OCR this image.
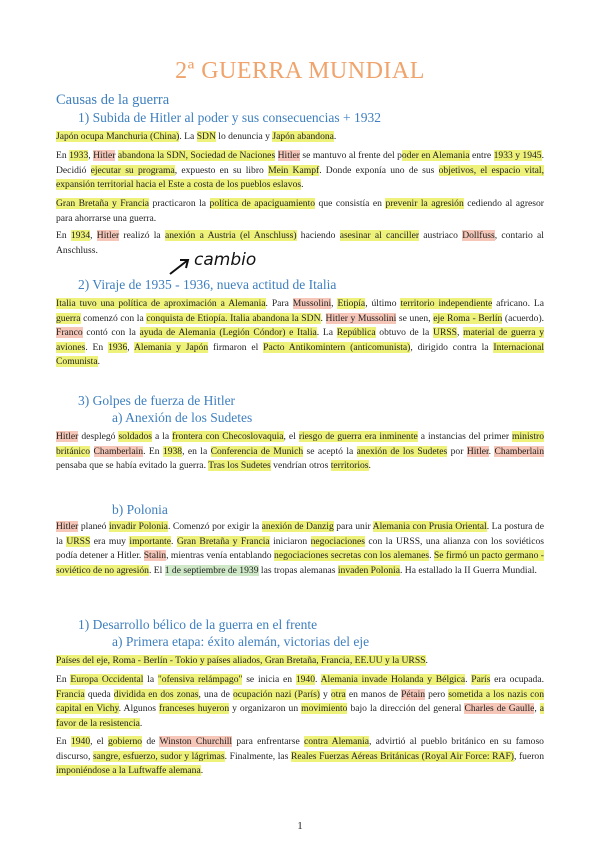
2ª GUERRA MUNDIAL
Causas de la guerra
1) Subida de Hitler al poder y sus consecuencias + 1932
Japón ocupa Manchuria (China). La SDN lo denuncia y Japón abandona.
En 1933, Hitler abandona la SDN, Sociedad de Naciones Hitler se mantuvo al frente del poder en Alemania entre 1933 y 1945. Decidió ejecutar su programa, expuesto en su libro Mein Kampf. Donde exponía uno de sus objetivos, el espacio vital, expansión territorial hacia el Este a costa de los pueblos eslavos.
Gran Bretaña y Francia practicaron la política de apaciguamiento que consistía en prevenir la agresión cediendo al agresor para ahorrarse una guerra.
En 1934, Hitler realizó la anexión a Austria (el Anschluss) haciendo asesinar al canciller austriaco Dollfuss, contario al Anschluss.	cambio
2) Viraje de 1935 - 1936, nueva actitud de Italia
Italia tuvo una política de aproximación a Alemania. Para Mussolini, Etiopía, último territorio independiente africano. La guerra comenzó con la conquista de Etiopía. Italia abandona la SDN. Hitler y Mussolini se unen, eje Roma - Berlín (acuerdo). Franco contó con la ayuda de Alemania (Legión Cóndor) e Italia. La República obtuvo de la URSS, material de guerra y aviones. En 1936, Alemania y Japón firmaron el Pacto Antikomintern (anticomunista), dirigido contra la Internacional Comunista.
3) Golpes de fuerza de Hitler
a) Anexión de los Sudetes
Hitler desplegó soldados a la frontera con Checoslovaquia, el riesgo de guerra era inminente a instancias del primer ministro británico Chamberlain. En 1938, en la Conferencia de Munich se aceptó la anexión de los Sudetes por Hitler. Chamberlain pensaba que se había evitado la guerra. Tras los Sudetes vendrían otros territorios.
b) Polonia
Hitler planeó invadir Polonia. Comenzó por exigir la anexión de Danzig para unir Alemania con Prusia Oriental. La postura de la URSS era muy importante. Gran Bretaña y Francia iniciaron negociaciones con la URSS, una alianza con los soviéticos podía detener a Hitler. Stalin, mientras venía entablando negociaciones secretas con los alemanes. Se firmó un pacto germano - soviético de no agresión. El 1 de septiembre de 1939 las tropas alemanas invaden Polonia. Ha estallado la II Guerra Mundial.
1) Desarrollo bélico de la guerra en el frente
a) Primera etapa: éxito alemán, victorias del eje
Países del eje, Roma - Berlín - Tokio y países aliados, Gran Bretaña, Francia, EE.UU y la URSS.
En Europa Occidental la "ofensiva relámpago" se inicia en 1940. Alemania invade Holanda y Bélgica. París era ocupada. Francia queda dividida en dos zonas, una de ocupación nazi (París) y otra en manos de Pétain pero sometida a los nazis con capital en Vichy. Algunos franceses huyeron y organizaron un movimiento bajo la dirección del general Charles de Gaulle, a favor de la resistencia.
En 1940, el gobierno de Winston Churchill para enfrentarse contra Alemania, advirtió al pueblo británico en su famoso discurso, sangre, esfuerzo, sudor y lágrimas. Finalmente, las Reales Fuerzas Aéreas Británicas (Royal Air Force: RAF), fueron imponiéndose a la Luftwaffe alemana.
1
